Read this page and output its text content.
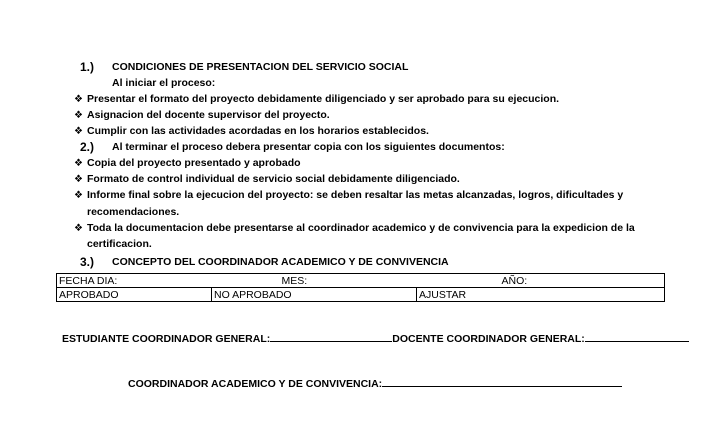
1.) CONDICIONES DE PRESENTACION DEL SERVICIO SOCIAL
Al iniciar el proceso:
❖ Presentar el formato del proyecto debidamente diligenciado y ser aprobado para su ejecucion.
❖ Asignacion del docente supervisor del proyecto.
❖ Cumplir con las actividades acordadas en los horarios establecidos.
2.) Al terminar el proceso debera presentar copia con los siguientes documentos:
❖ Copia del proyecto presentado y aprobado
❖ Formato de control individual de servicio social debidamente diligenciado.
❖ Informe final sobre la ejecucion del proyecto: se deben resaltar las metas alcanzadas, logros, dificultades y
recomendaciones.
❖ Toda la documentacion debe presentarse al coordinador academico y de convivencia para la expedicion de la
certificacion.
3.) CONCEPTO DEL COORDINADOR ACADEMICO Y DE CONVIVENCIA
FECHA DIA:	MES:	AÑO:
APROBADO	NO APROBADO	AJUSTAR
ESTUDIANTE COORDINADOR GENERAL:	DOCENTE COORDINADOR GENERAL:
COORDINADOR ACADEMICO Y DE CONVIVENCIA:
